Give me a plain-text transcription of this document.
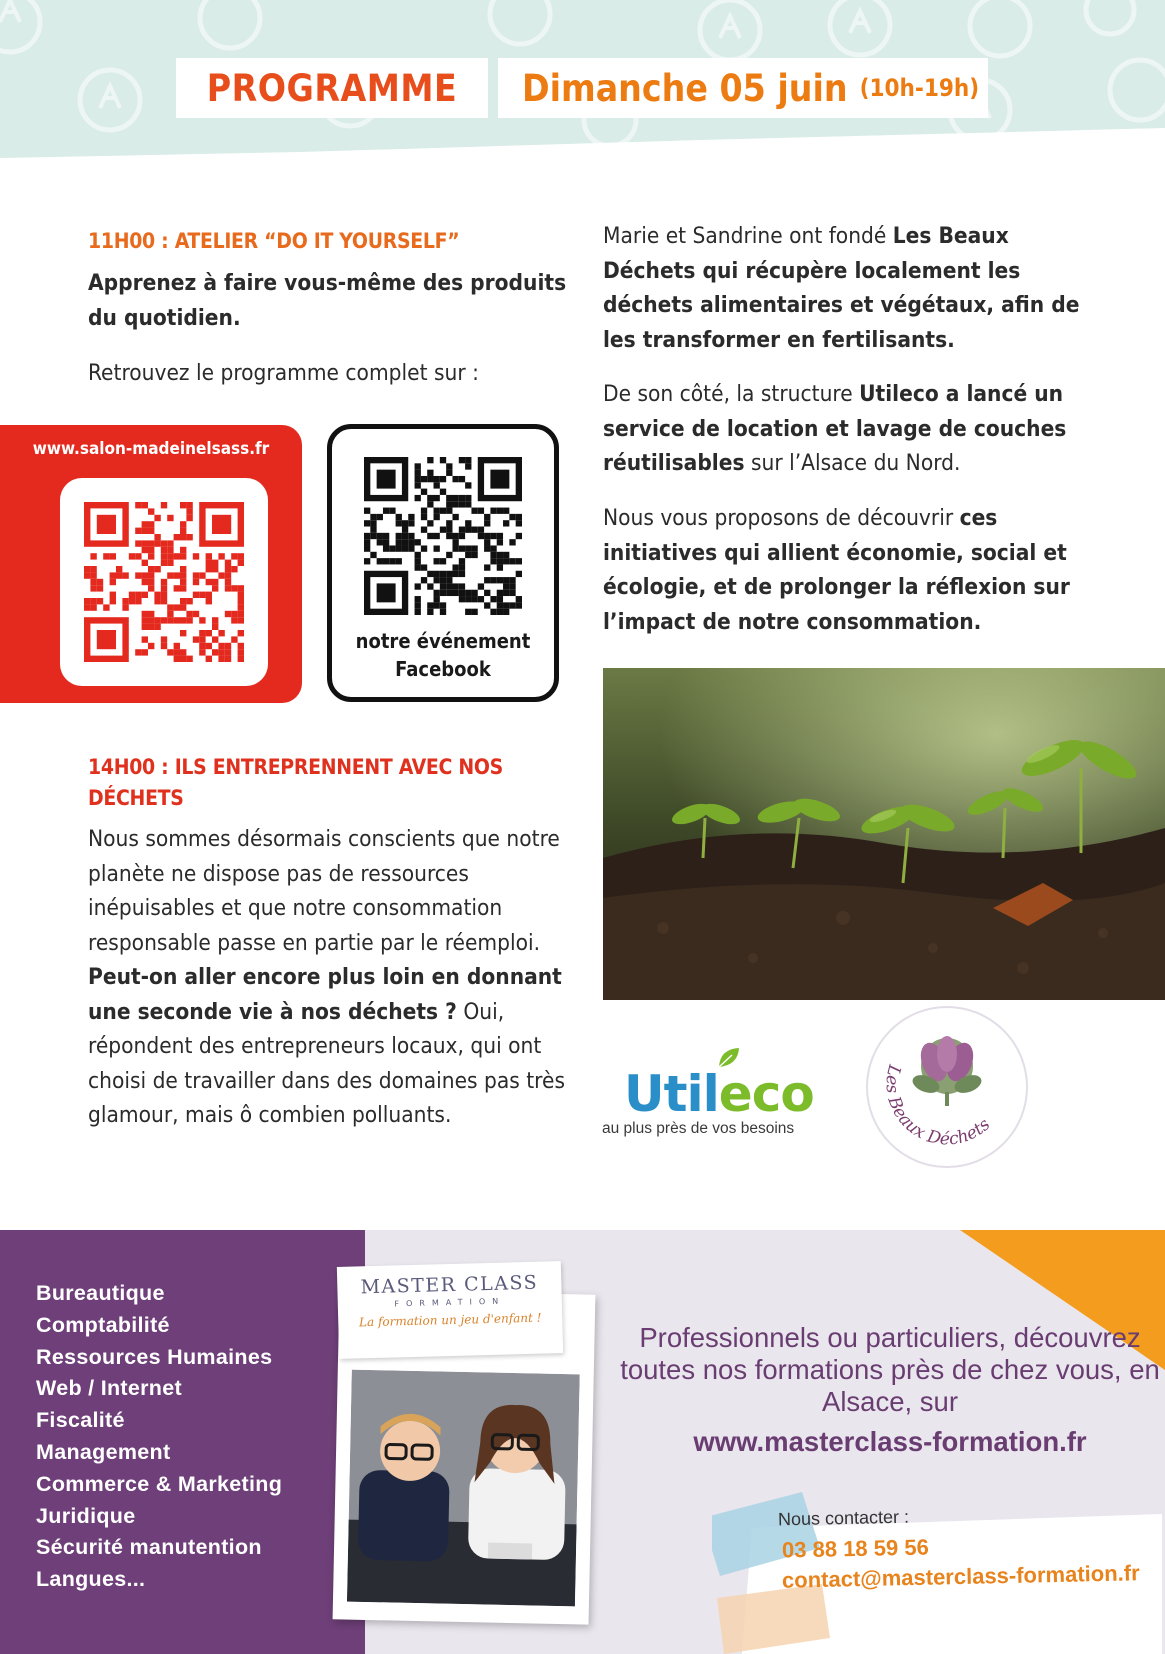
PROGRAMME Dimanche 05 juin (10h-19h)
11H00 : ATELIER “DO IT YOURSELF”
Apprenez à faire vous-même des produits du quotidien.
Retrouvez le programme complet sur :
www.salon-madeinelsass.fr
notre événement
Facebook
Marie et Sandrine ont fondé Les Beaux Déchets qui récupère localement les déchets alimentaires et végétaux, afin de les transformer en fertilisants.
De son côté, la structure Utileco a lancé un service de location et lavage de couches réutilisables sur l’Alsace du Nord.
Nous vous proposons de découvrir ces initiatives qui allient économie, social et écologie, et de prolonger la réflexion sur l’impact de notre consommation.
14H00 : ILS ENTREPRENNENT AVEC NOS DÉCHETS
Nous sommes désormais conscients que notre planète ne dispose pas de ressources inépuisables et que notre consommation responsable passe en partie par le réemploi. Peut-on aller encore plus loin en donnant une seconde vie à nos déchets ? Oui, répondent des entrepreneurs locaux, qui ont choisi de travailler dans des domaines pas très glamour, mais ô combien polluants.	Utileco
au plus près de vos besoins
Les Beaux Déchets
Bureautique
Comptabilité
Ressources Humaines
Web / Internet
Fiscalité
Management
Commerce & Marketing
Juridique
Sécurité manutention
Langues...
MASTER CLASS
FORMATION
La formation un jeu d'enfant !
Professionnels ou particuliers, découvrez toutes nos formations près de chez vous, en Alsace, sur
www.masterclass-formation.fr
Nous contacter :
03 88 18 59 56
contact@masterclass-formation.fr
